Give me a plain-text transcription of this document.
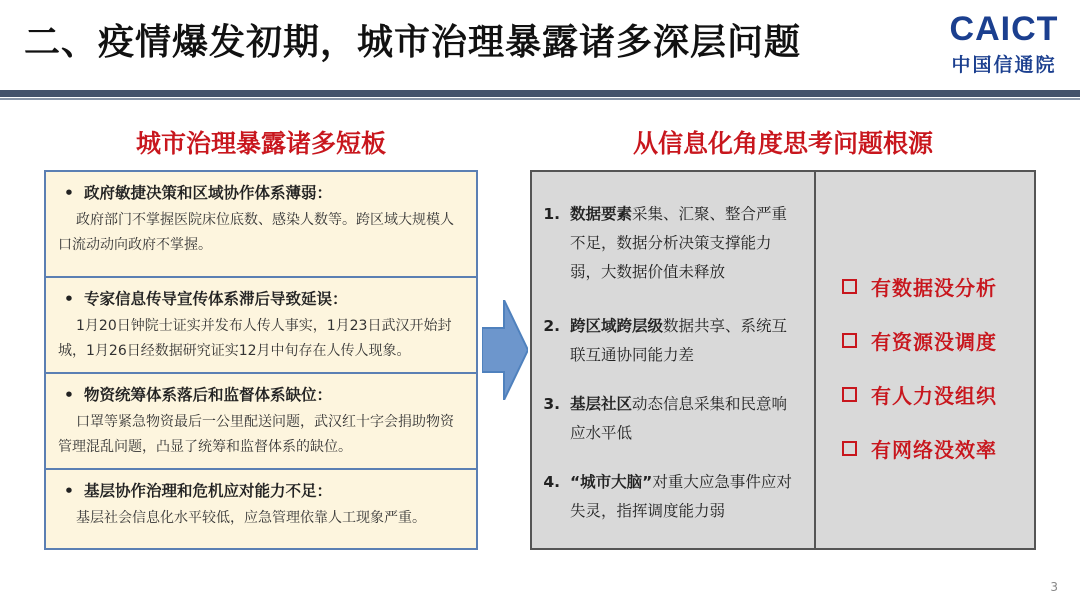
二、疫情爆发初期，城市治理暴露诸多深层问题	CAICT
中国信通院
城市治理暴露诸多短板
• 政府敏捷决策和区域协作体系薄弱：
政府部门不掌握医院床位底数、感染人数等。跨区域大规模人口流动动向政府不掌握。
• 专家信息传导宣传体系滞后导致延误：
1月20日钟院士证实并发布人传人事实，1月23日武汉开始封城，1月26日经数据研究证实12月中旬存在人传人现象。
• 物资统筹体系落后和监督体系缺位：
口罩等紧急物资最后一公里配送问题，武汉红十字会捐助物资管理混乱问题，凸显了统筹和监督体系的缺位。
• 基层协作治理和危机应对能力不足：
基层社会信息化水平较低，应急管理依靠人工现象严重。
从信息化角度思考问题根源
1. 数据要素采集、汇聚、整合严重不足，数据分析决策支撑能力弱，大数据价值未释放
2. 跨区域跨层级数据共享、系统互联互通协同能力差
3. 基层社区动态信息采集和民意响应水平低
4. “城市大脑”对重大应急事件应对失灵，指挥调度能力弱
有数据没分析
有资源没调度
有人力没组织
有网络没效率
3
